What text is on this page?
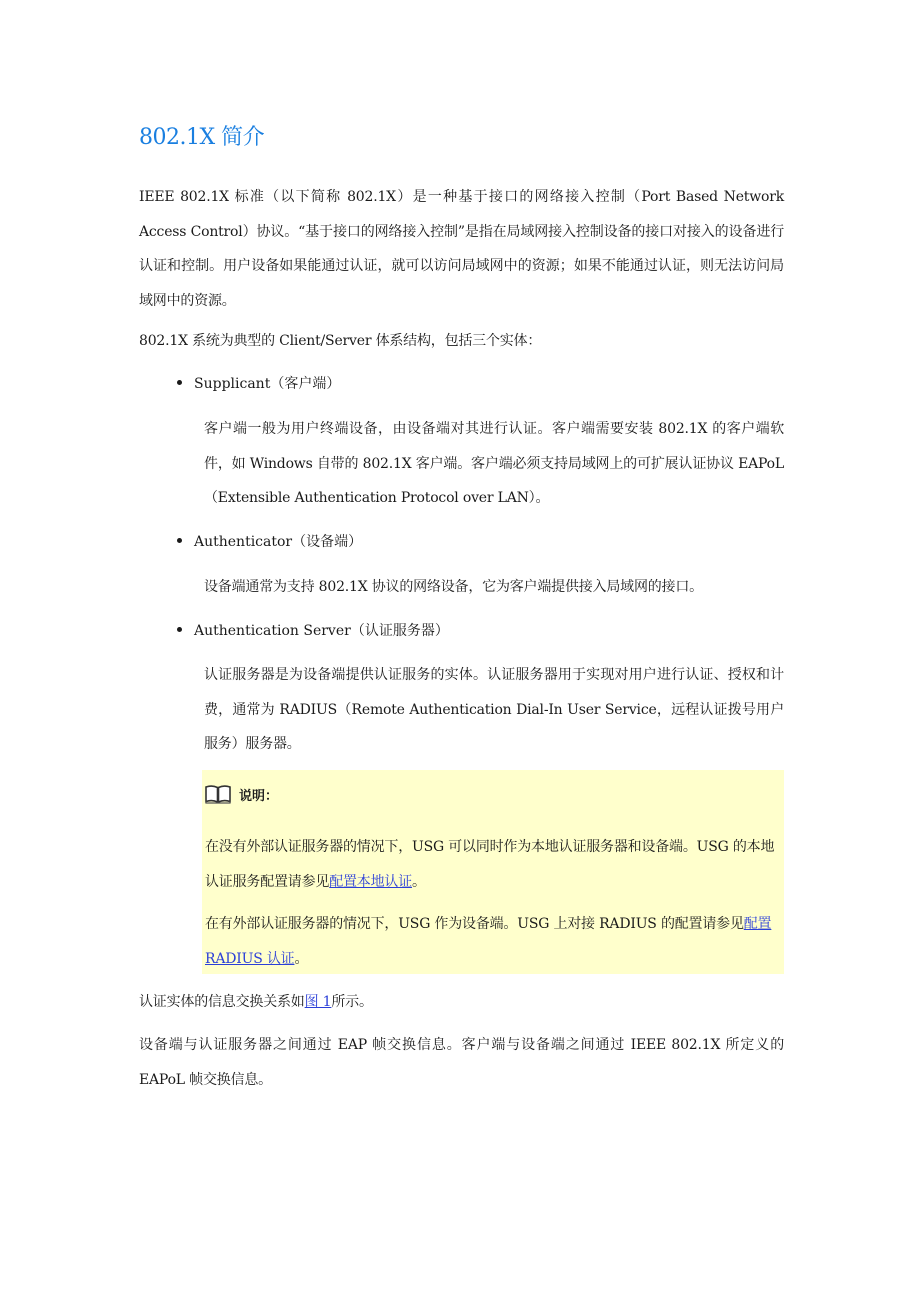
802.1X 简介

IEEE 802.1X 标准（以下简称 802.1X）是一种基于接口的网络接入控制（Port Based Network Access Control）协议。“基于接口的网络接入控制”是指在局域网接入控制设备的接口对接入的设备进行认证和控制。用户设备如果能通过认证，就可以访问局域网中的资源；如果不能通过认证，则无法访问局域网中的资源。

802.1X 系统为典型的 Client/Server 体系结构，包括三个实体：

Supplicant（客户端）

客户端一般为用户终端设备，由设备端对其进行认证。客户端需要安装 802.1X 的客户端软件，如 Windows 自带的 802.1X 客户端。客户端必须支持局域网上的可扩展认证协议 EAPoL（Extensible Authentication Protocol over LAN）。

Authenticator（设备端）

设备端通常为支持 802.1X 协议的网络设备，它为客户端提供接入局域网的接口。

Authentication Server（认证服务器）

认证服务器是为设备端提供认证服务的实体。认证服务器用于实现对用户进行认证、授权和计费，通常为 RADIUS（Remote Authentication Dial-In User Service，远程认证拨号用户服务）服务器。

说明：

在没有外部认证服务器的情况下，USG 可以同时作为本地认证服务器和设备端。USG 的本地认证服务配置请参见配置本地认证。

在有外部认证服务器的情况下，USG 作为设备端。USG 上对接 RADIUS 的配置请参见配置 RADIUS 认证。

认证实体的信息交换关系如图 1所示。

设备端与认证服务器之间通过 EAP 帧交换信息。客户端与设备端之间通过 IEEE 802.1X 所定义的 EAPoL 帧交换信息。
